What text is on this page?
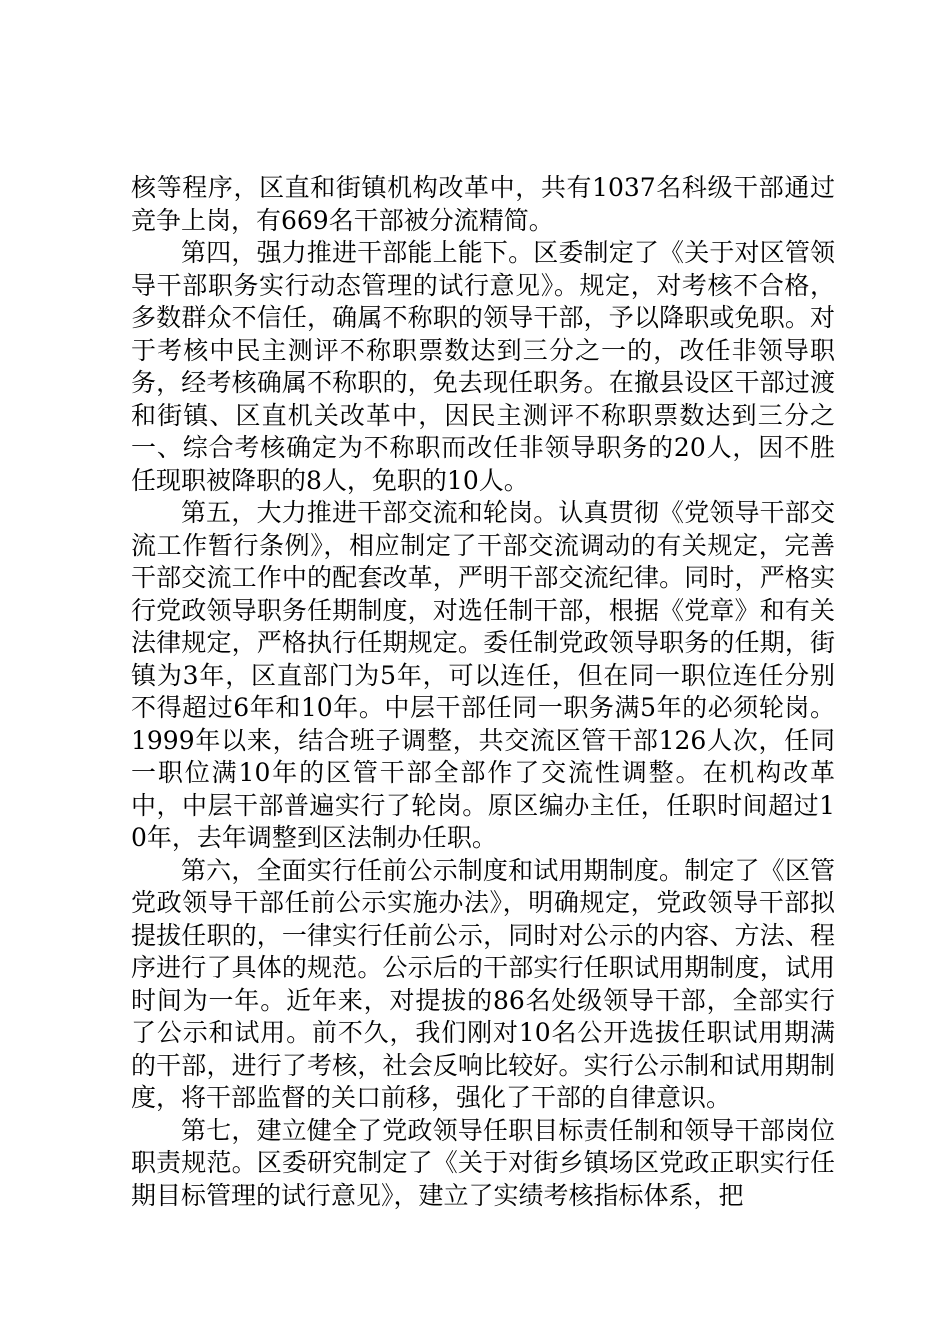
核等程序，区直和街镇机构改革中，共有1037名科级干部通过竞争上岗，有669名干部被分流精简。

第四，强力推进干部能上能下。区委制定了《关于对区管领导干部职务实行动态管理的试行意见》。规定，对考核不合格，多数群众不信任，确属不称职的领导干部，予以降职或免职。对于考核中民主测评不称职票数达到三分之一的，改任非领导职务，经考核确属不称职的，免去现任职务。在撤县设区干部过渡和街镇、区直机关改革中，因民主测评不称职票数达到三分之一、综合考核确定为不称职而改任非领导职务的20人，因不胜任现职被降职的8人，免职的10人。

第五，大力推进干部交流和轮岗。认真贯彻《党领导干部交流工作暂行条例》，相应制定了干部交流调动的有关规定，完善干部交流工作中的配套改革，严明干部交流纪律。同时，严格实行党政领导职务任期制度，对选任制干部，根据《党章》和有关法律规定，严格执行任期规定。委任制党政领导职务的任期，街镇为3年，区直部门为5年，可以连任，但在同一职位连任分别不得超过6年和10年。中层干部任同一职务满5年的必须轮岗。1999年以来，结合班子调整，共交流区管干部126人次，任同一职位满10年的区管干部全部作了交流性调整。在机构改革中，中层干部普遍实行了轮岗。原区编办主任，任职时间超过10年，去年调整到区法制办任职。

第六，全面实行任前公示制度和试用期制度。制定了《区管党政领导干部任前公示实施办法》，明确规定，党政领导干部拟提拔任职的，一律实行任前公示，同时对公示的内容、方法、程序进行了具体的规范。公示后的干部实行任职试用期制度，试用时间为一年。近年来，对提拔的86名处级领导干部，全部实行了公示和试用。前不久，我们刚对10名公开选拔任职试用期满的干部，进行了考核，社会反响比较好。实行公示制和试用期制度，将干部监督的关口前移，强化了干部的自律意识。

第七，建立健全了党政领导任职目标责任制和领导干部岗位职责规范。区委研究制定了《关于对街乡镇场区党政正职实行任期目标管理的试行意见》，建立了实绩考核指标体系，把
